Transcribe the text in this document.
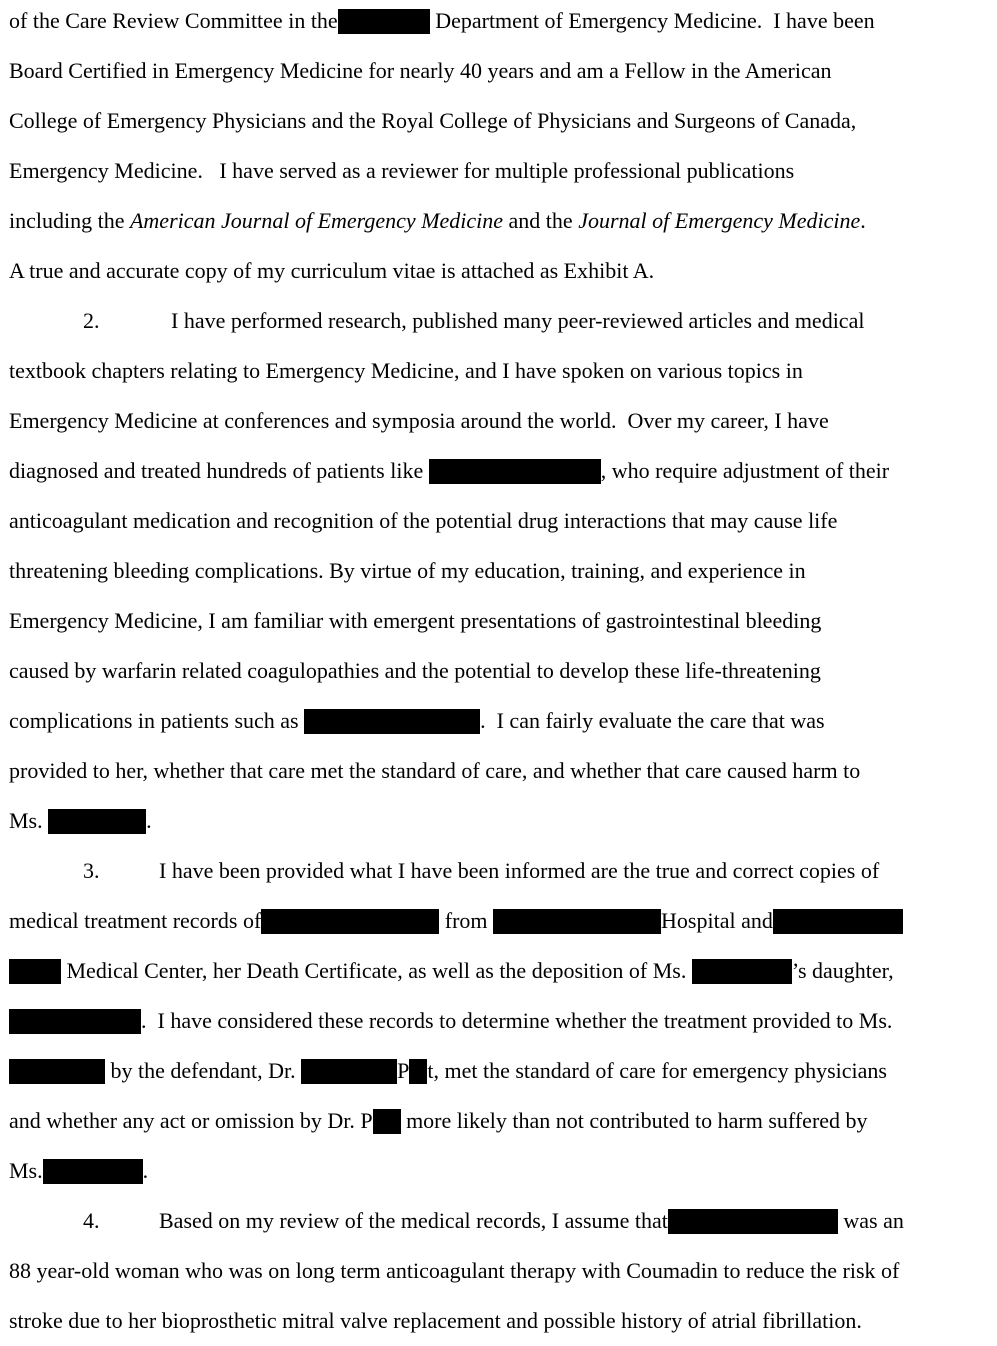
of the Care Review Committee in the	Department of Emergency Medicine.  I have been
Board Certified in Emergency Medicine for nearly 40 years and am a Fellow in the American
College of Emergency Physicians and the Royal College of Physicians and Surgeons of Canada,
Emergency Medicine.   I have served as a reviewer for multiple professional publications
including the American Journal of Emergency Medicine and the Journal of Emergency Medicine.
A true and accurate copy of my curriculum vitae is attached as Exhibit A.
2.	I have performed research, published many peer-reviewed articles and medical
textbook chapters relating to Emergency Medicine, and I have spoken on various topics in
Emergency Medicine at conferences and symposia around the world.  Over my career, I have
diagnosed and treated hundreds of patients like	, who require adjustment of their
anticoagulant medication and recognition of the potential drug interactions that may cause life
threatening bleeding complications. By virtue of my education, training, and experience in
Emergency Medicine, I am familiar with emergent presentations of gastrointestinal bleeding
caused by warfarin related coagulopathies and the potential to develop these life-threatening
complications in patients such as	.  I can fairly evaluate the care that was
provided to her, whether that care met the standard of care, and whether that care caused harm to
Ms.	.
3.	I have been provided what I have been informed are the true and correct copies of
medical treatment records of	from	Hospital and
Medical Center, her Death Certificate, as well as the deposition of Ms.	’s daughter,
.  I have considered these records to determine whether the treatment provided to Ms.
by the defendant, Dr.	P t, met the standard of care for emergency physicians
and whether any act or omission by Dr. P more likely than not contributed to harm suffered by
Ms.	.
4.	Based on my review of the medical records, I assume that	was an
88 year-old woman who was on long term anticoagulant therapy with Coumadin to reduce the risk of
stroke due to her bioprosthetic mitral valve replacement and possible history of atrial fibrillation.
